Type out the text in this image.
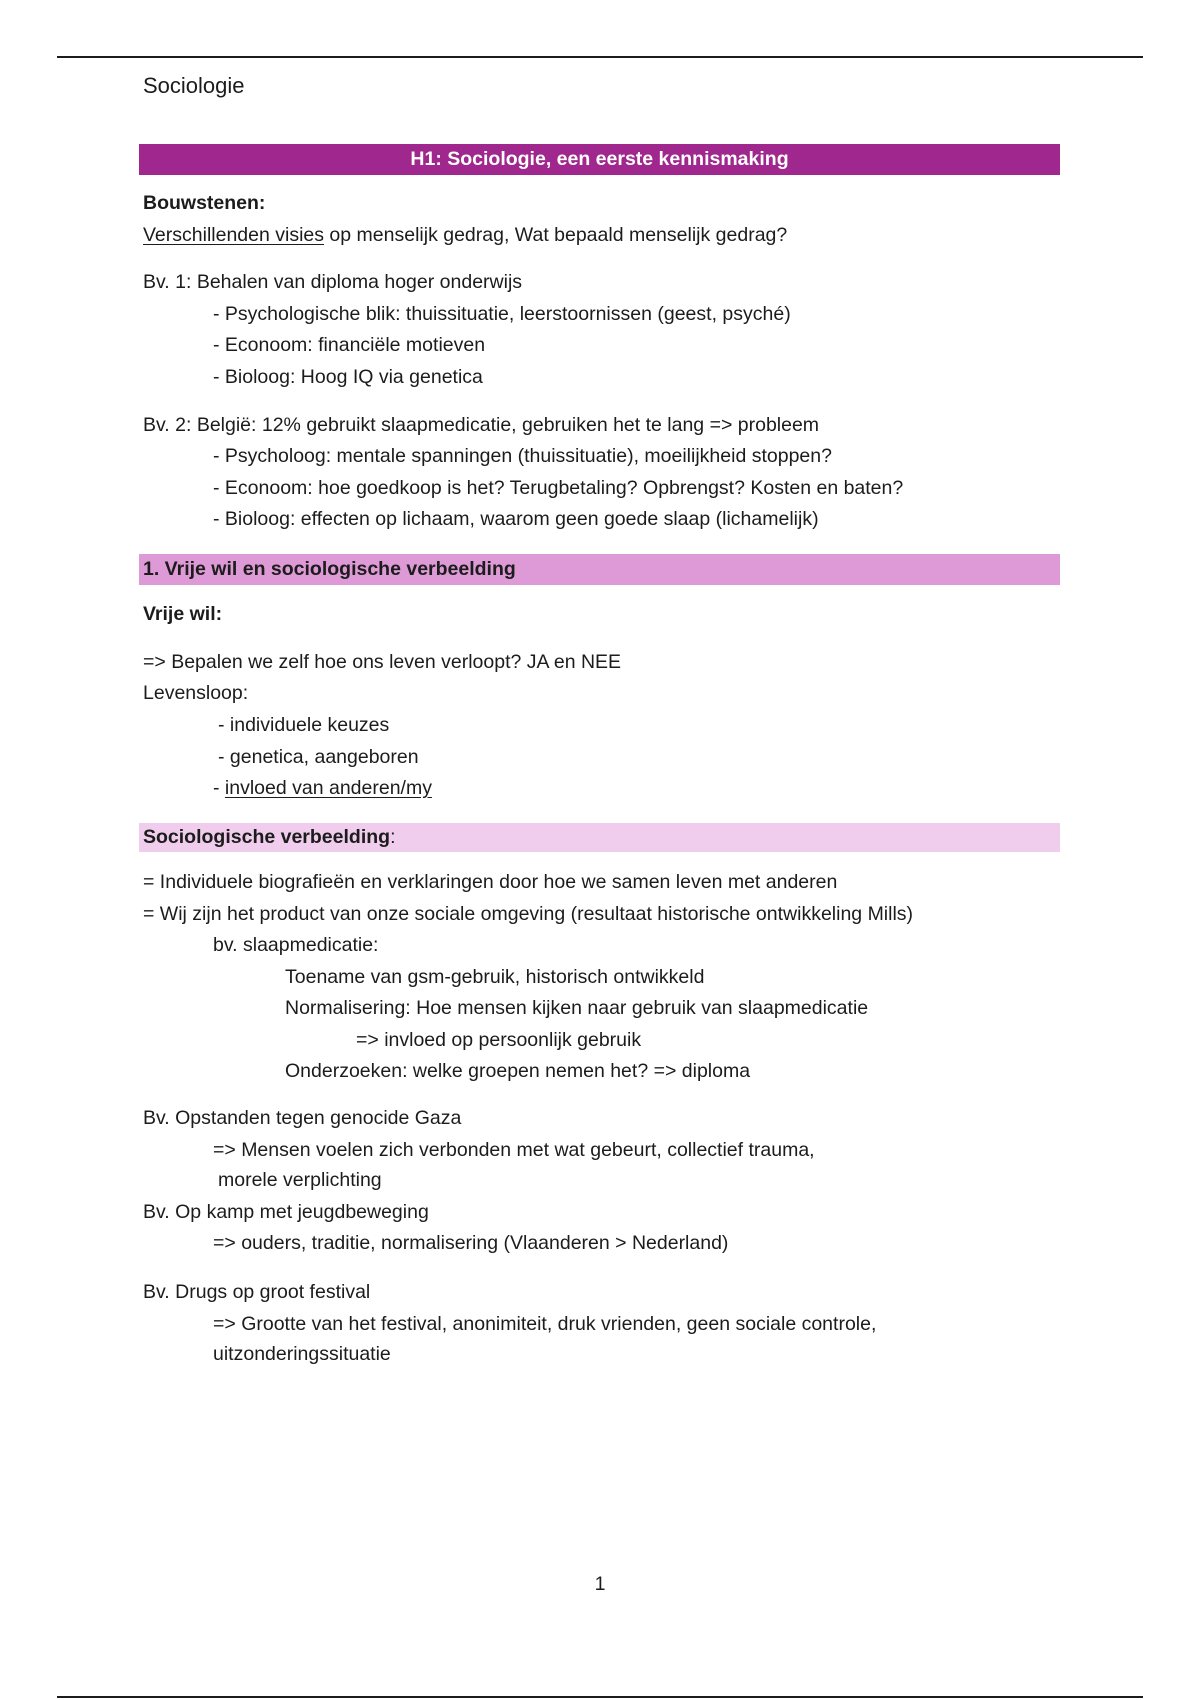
Sociologie
H1: Sociologie, een eerste kennismaking
Bouwstenen:
Verschillenden visies op menselijk gedrag, Wat bepaald menselijk gedrag?
Bv. 1: Behalen van diploma hoger onderwijs
- Psychologische blik: thuissituatie, leerstoornissen (geest, psyché)
- Econoom: financiële motieven
- Bioloog: Hoog IQ via genetica
Bv. 2: België: 12% gebruikt slaapmedicatie, gebruiken het te lang => probleem
- Psycholoog: mentale spanningen (thuissituatie), moeilijkheid stoppen?
- Econoom: hoe goedkoop is het? Terugbetaling? Opbrengst? Kosten en baten?
- Bioloog: effecten op lichaam, waarom geen goede slaap (lichamelijk)
1. Vrije wil en sociologische verbeelding
Vrije wil:
=> Bepalen we zelf hoe ons leven verloopt? JA en NEE
Levensloop:
- individuele keuzes
- genetica, aangeboren
- invloed van anderen/my
Sociologische verbeelding:
= Individuele biografieën en verklaringen door hoe we samen leven met anderen
= Wij zijn het product van onze sociale omgeving (resultaat historische ontwikkeling Mills)
bv. slaapmedicatie:
Toename van gsm-gebruik, historisch ontwikkeld
Normalisering: Hoe mensen kijken naar gebruik van slaapmedicatie
=> invloed op persoonlijk gebruik
Onderzoeken: welke groepen nemen het? => diploma
Bv. Opstanden tegen genocide Gaza
=> Mensen voelen zich verbonden met wat gebeurt, collectief trauma,
morele verplichting
Bv. Op kamp met jeugdbeweging
=> ouders, traditie, normalisering (Vlaanderen > Nederland)
Bv. Drugs op groot festival
=> Grootte van het festival, anonimiteit, druk vrienden, geen sociale controle,
uitzonderingssituatie
1
